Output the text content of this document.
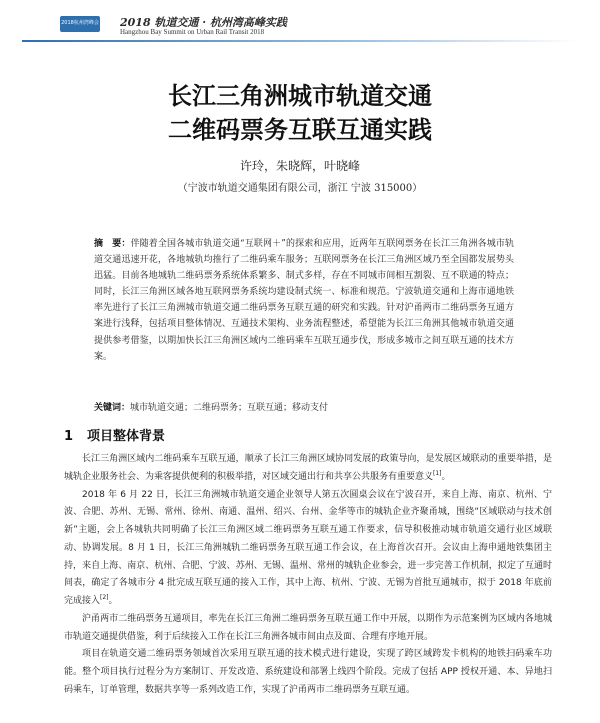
2018杭州湾峰会 2018 轨道交通 · 杭州湾高峰实践
Hangzhou Bay Summit on Urban Rail Transit 2018
长江三角洲城市轨道交通
二维码票务互联互通实践
许玲，朱晓辉，叶晓峰
（宁波市轨道交通集团有限公司，浙江 宁波 315000）
摘　要：伴随着全国各城市轨道交通“互联网＋”的探索和应用，近两年互联网票务在长江三角洲各城市轨道交通迅速开花，各地城轨均推行了二维码乘车服务；互联网票务在长江三角洲区域乃至全国都发展势头迅猛。目前各地城轨二维码票务系统体系繁多、制式多样，存在不同城市间相互割裂、互不联通的特点；同时，长江三角洲区域各地互联网票务系统均建设制式统一、标准和规范。宁波轨道交通和上海市通地铁率先进行了长江三角洲城市轨道交通二维码票务互联互通的研究和实践。针对沪甬两市二维码票务互通方案进行浅释，包括项目整体情况、互通技术架构、业务流程整述，希望能为长江三角洲其他城市轨道交通提供参考借鉴，以期加快长江三角洲区域内二维码乘车互联互通步伐，形成多城市之间互联互通的技术方案。
关键词：城市轨道交通；二维码票务；互联互通；移动支付
1 项目整体背景

长江三角洲区域内二维码乘车互联互通，顺承了长江三角洲区域协同发展的政策导向，是发展区域联动的重要举措，是城轨企业服务社会、为乘客提供便利的积极举措，对区域交通出行和共享公共服务有重要意义[1]。

2018 年 6 月 22 日，长江三角洲城市轨道交通企业领导人第五次圆桌会议在宁波召开，来自上海、南京、杭州、宁波、合肥、苏州、无锡、常州、徐州、南通、温州、绍兴、台州、金华等市的城轨企业齐聚甬城，围绕“区域联动与技术创新”主题，会上各城轨共同明确了长江三角洲区域二维码票务互联互通工作要求，信导积极推动城市轨道交通行业区域联动、协调发展。8 月 1 日，长江三角洲城轨二维码票务互联互通工作会议，在上海首次召开。会议由上海申通地铁集团主持，来自上海、南京、杭州、合肥、宁波、苏州、无锡、温州、常州的城轨企业参会，进一步完善工作机制，拟定了互通时间表，确定了各城市分 4 批完成互联互通的接入工作，其中上海、杭州、宁波、无锡为首批互通城市，拟于 2018 年底前完成接入[2]。

沪甬两市二维码票务互通项目，率先在长江三角洲二维码票务互联互通工作中开展，以期作为示范案例为区域内各地城市轨道交通提供借鉴，利于后续接入工作在长江三角洲各城市间由点及面、合理有序地开展。

项目在轨道交通二维码票务领域首次采用互联互通的技术模式进行建设，实现了跨区域跨发卡机构的地铁扫码乘车功能。整个项目执行过程分为方案制订、开发改造、系统建设和部署上线四个阶段。完成了包括 APP 授权开通、本、异地扫码乘车，订单管理，数据共享等一系列改造工作，实现了沪甬两市二维码票务互联互通。
